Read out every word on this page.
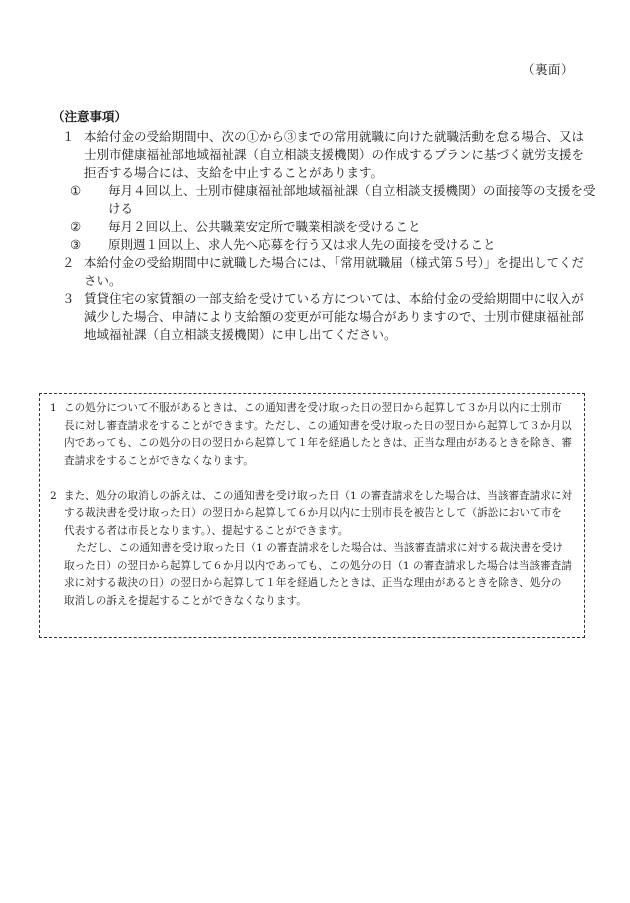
（裏面）

（注意事項）

１ 本給付金の受給期間中、次の①から③までの常用就職に向けた就職活動を怠る場合、又は士別市健康福祉部地域福祉課（自立相談支援機関）の作成するプランに基づく就労支援を拒否する場合には、支給を中止することがあります。
① 毎月４回以上、士別市健康福祉部地域福祉課（自立相談支援機関）の面接等の支援を受ける
② 毎月２回以上、公共職業安定所で職業相談を受けること
③ 原則週１回以上、求人先へ応募を行う又は求人先の面接を受けること
２ 本給付金の受給期間中に就職した場合には、「常用就職届（様式第５号）」を提出してください。
３ 賃貸住宅の家賃額の一部支給を受けている方については、本給付金の受給期間中に収入が減少した場合、申請により支給額の変更が可能な場合がありますので、士別市健康福祉部地域福祉課（自立相談支援機関）に申し出てください。
1 この処分について不服があるときは、この通知書を受け取った日の翌日から起算して３か月以内に士別市長に対し審査請求をすることができます。ただし、この通知書を受け取った日の翌日から起算して３か月以内であっても、この処分の日の翌日から起算して１年を経過したときは、正当な理由があるときを除き、審査請求をすることができなくなります。
2 また、処分の取消しの訴えは、この通知書を受け取った日（1 の審査請求をした場合は、当該審査請求に対する裁決書を受け取った日）の翌日から起算して６か月以内に士別市長を被告として（訴訟において市を代表する者は市長となります。）、提起することができます。

ただし、この通知書を受け取った日（1 の審査請求をした場合は、当該審査請求に対する裁決書を受け取った日）の翌日から起算して６か月以内であっても、この処分の日（1 の審査請求した場合は当該審査請求に対する裁決の日）の翌日から起算して１年を経過したときは、正当な理由があるときを除き、処分の取消しの訴えを提起することができなくなります。
